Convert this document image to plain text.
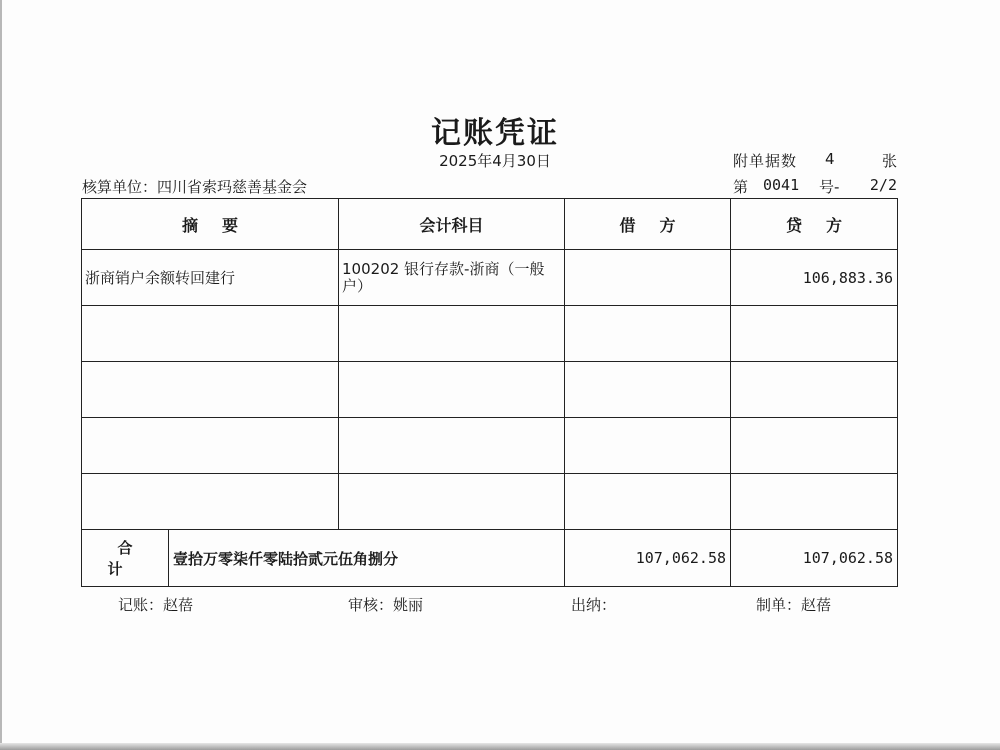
记账凭证
2025年4月30日
核算单位：四川省索玛慈善基金会
附单据数 4	张
第 0041 号- 2/2
摘要		会计科目	借方	贷方
浙商销户余额转回建行		100202 银行存款-浙商（一般户）		106,883.36

合计	壹拾万零柒仟零陆拾贰元伍角捌分		107,062.58	107,062.58
记账：赵蓓	审核：姚丽	出纳：	制单：赵蓓
